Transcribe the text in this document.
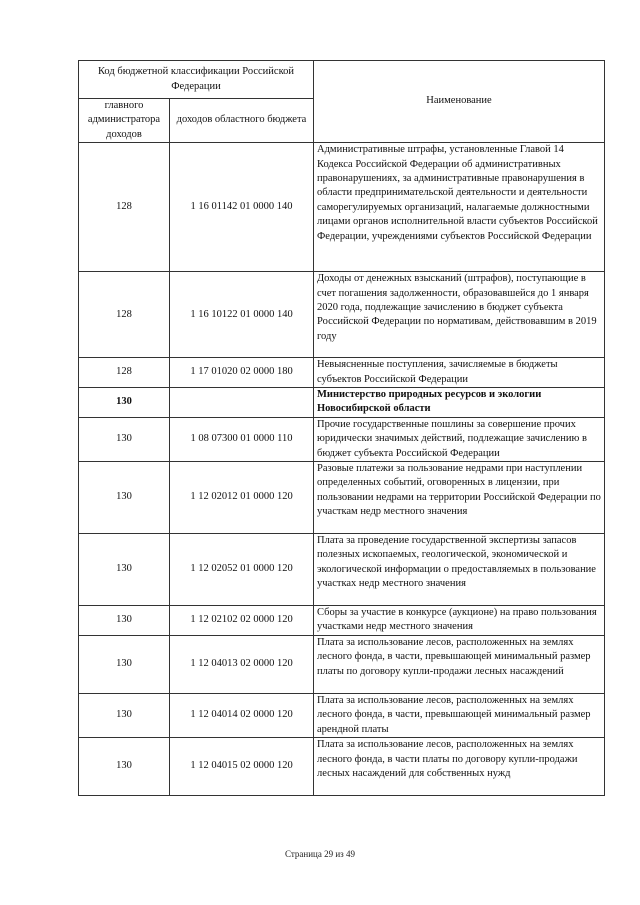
Код бюджетной классификации Российской Федерации		Наименование
главного администратора доходов	доходов областного бюджета	
128	1 16 01142 01 0000 140	Административные штрафы, установленные Главой 14 Кодекса Российской Федерации об административных правонарушениях, за административные правонарушения в области предпринимательской деятельности и деятельности саморегулируемых организаций, налагаемые должностными лицами органов исполнительной власти субъектов Российской Федерации, учреждениями субъектов Российской Федерации
128	1 16 10122 01 0000 140	Доходы от денежных взысканий (штрафов), поступающие в счет погашения задолженности, образовавшейся до 1 января 2020 года, подлежащие зачислению в бюджет субъекта Российской Федерации по нормативам, действовавшим в 2019 году
128	1 17 01020 02 0000 180	Невыясненные поступления, зачисляемые в бюджеты субъектов Российской Федерации
130		Министерство природных ресурсов и экологии Новосибирской области
130	1 08 07300 01 0000 110	Прочие государственные пошлины за совершение прочих юридически значимых действий, подлежащие зачислению в бюджет субъекта Российской Федерации
130	1 12 02012 01 0000 120	Разовые платежи за пользование недрами при наступлении определенных событий, оговоренных в лицензии, при пользовании недрами на территории Российской Федерации по участкам недр местного значения
130	1 12 02052 01 0000 120	Плата за проведение государственной экспертизы запасов полезных ископаемых, геологической, экономической и экологической информации о предоставляемых в пользование участках недр местного значения
130	1 12 02102 02 0000 120	Сборы за участие в конкурсе (аукционе) на право пользования участками недр местного значения
130	1 12 04013 02 0000 120	Плата за использование лесов, расположенных на землях лесного фонда, в части, превышающей минимальный размер платы по договору купли-продажи лесных насаждений
130	1 12 04014 02 0000 120	Плата за использование лесов, расположенных на землях лесного фонда, в части, превышающей минимальный размер арендной платы
130	1 12 04015 02 0000 120	Плата за использование лесов, расположенных на землях лесного фонда, в части платы по договору купли-продажи лесных насаждений для собственных нужд
Страница 29 из 49
